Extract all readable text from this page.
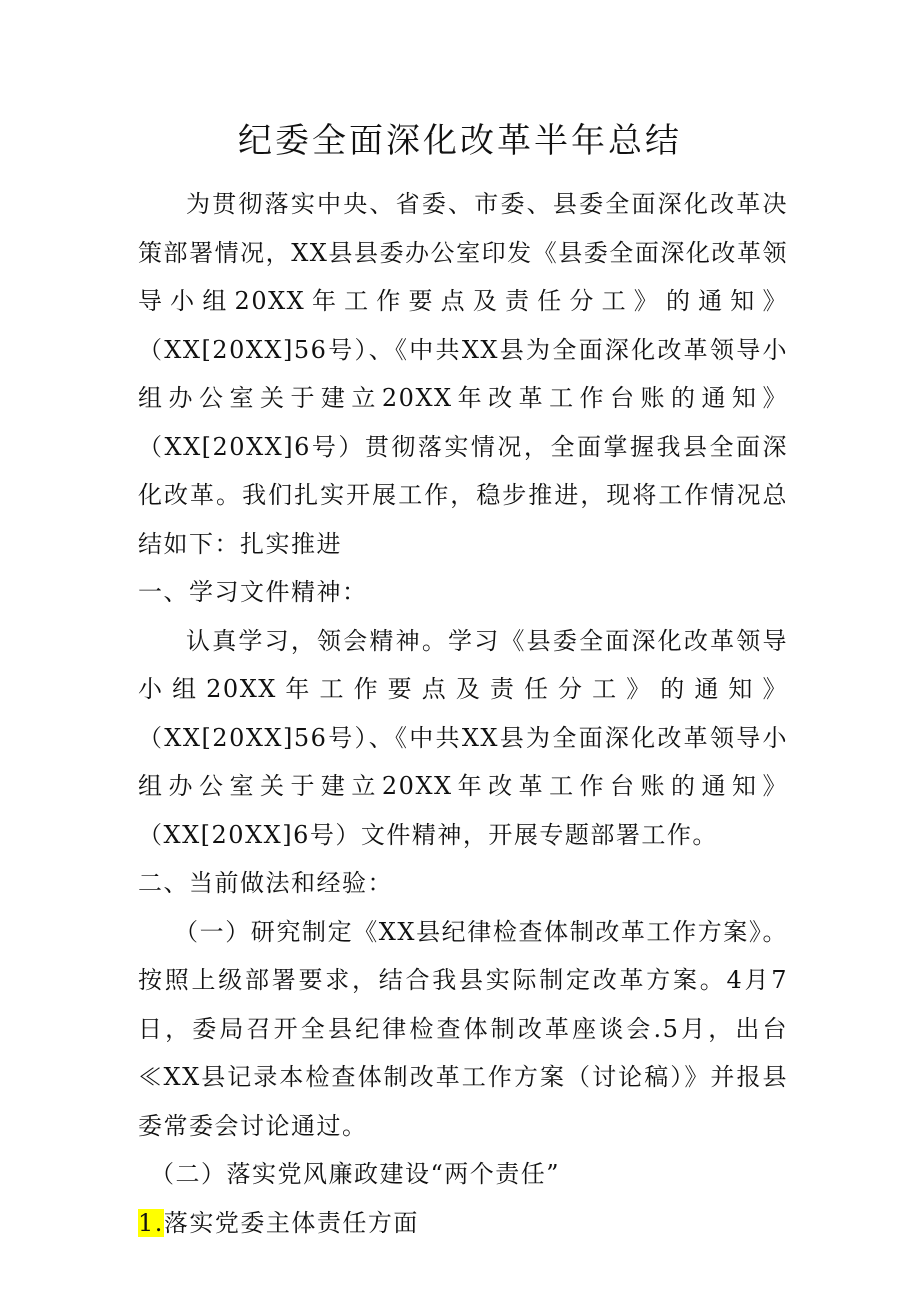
纪委全面深化改革半年总结

为贯彻落实中央、省委、市委、县委全面深化改革决策部署情况，XX县县委办公室印发《县委全面深化改革领导小组20XX年工作要点及责任分工》的通知》（XX[20XX]56号）、《中共XX县为全面深化改革领导小组办公室关于建立20XX年改革工作台账的通知》（XX[20XX]6号）贯彻落实情况，全面掌握我县全面深化改革。我们扎实开展工作，稳步推进，现将工作情况总结如下：扎实推进

一、学习文件精神：

认真学习，领会精神。学习《县委全面深化改革领导小组20XX年工作要点及责任分工》的通知》（XX[20XX]56号）、《中共XX县为全面深化改革领导小组办公室关于建立20XX年改革工作台账的通知》（XX[20XX]6号）文件精神，开展专题部署工作。

二、当前做法和经验：

（一）研究制定《XX县纪律检查体制改革工作方案》。按照上级部署要求，结合我县实际制定改革方案。4月7日，委局召开全县纪律检查体制改革座谈会.5月，出台≪XX县记录本检查体制改革工作方案（讨论稿）》并报县委常委会讨论通过。

（二）落实党风廉政建设“两个责任”

1.落实党委主体责任方面
